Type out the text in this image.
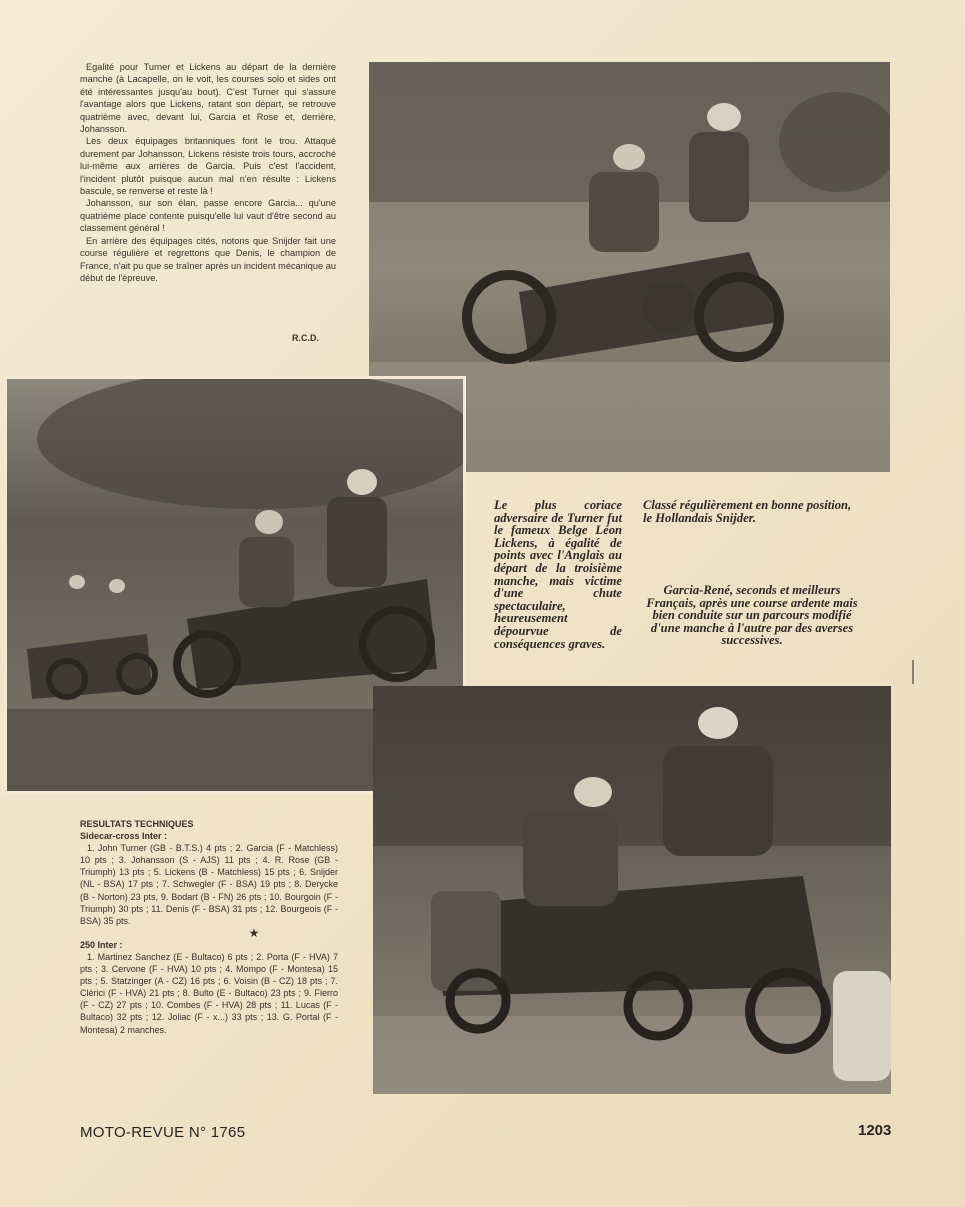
Egalité pour Turner et Lickens au départ de la dernière manche (à Lacapelle, on le voit, les courses solo et sides ont été intéressantes jusqu'au bout). C'est Turner qui s'assure l'avantage alors que Lickens, ratant son départ, se retrouve quatrième avec, devant lui, Garcia et Rose et, derrière, Johansson.

Les deux équipages britanniques font le trou. Attaqué durement par Johansson, Lickens résiste trois tours, accroché lui-même aux arrières de Garcia. Puis c'est l'accident, l'incident plutôt puisque aucun mal n'en résulte : Lickens bascule, se renverse et reste là !

Johansson, sur son élan, passe encore Garcia... qu'une quatrième place contente puisqu'elle lui vaut d'être second au classement général !

En arrière des équipages cités, notons que Snijder fait une course régulière et regrettons que Denis, le champion de France, n'ait pu que se traîner après un incident mécanique au début de l'épreuve.

R.C.D.
Le plus coriace adversaire de Turner fut le fameux Belge Léon Lickens, à égalité de points avec l'Anglais au départ de la troisième manche, mais victime d'une chute spectaculaire, heureusement dépourvue de conséquences graves.
Classé régulièrement en bonne position, le Hollandais Snijder.
Garcia-René, seconds et meilleurs Français, après une course ardente mais bien conduite sur un parcours modifié d'une manche à l'autre par des averses successives.
RESULTATS TECHNIQUES
Sidecar-cross Inter :

1. John Turner (GB - B.T.S.) 4 pts ; 2. Garcia (F - Matchless) 10 pts ; 3. Johansson (S - AJS) 11 pts ; 4. R. Rose (GB - Triumph) 13 pts ; 5. Lickens (B - Matchless) 15 pts ; 6. Snijder (NL - BSA) 17 pts ; 7. Schwegler (F - BSA) 19 pts ; 8. Derycke (B - Norton) 23 pts, 9. Bodart (B - FN) 26 pts ; 10. Bourgoin (F - Triumph) 30 pts ; 11. Denis (F - BSA) 31 pts ; 12. Bourgeois (F - BSA) 35 pts.

★
250 Inter :

1. Martinez Sanchez (E - Bultaco) 6 pts ; 2. Porta (F - HVA) 7 pts ; 3. Cervone (F - HVA) 10 pts ; 4. Mompo (F - Montesa) 15 pts ; 5. Statzinger (A - CZ) 16 pts ; 6. Voisin (B - CZ) 18 pts ; 7. Clérici (F - HVA) 21 pts ; 8. Bulto (E - Bultaco) 23 pts ; 9. Fierro (F - CZ) 27 pts ; 10. Combes (F - HVA) 28 pts ; 11. Lucas (F - Bultaco) 32 pts ; 12. Joliac (F - x...) 33 pts ; 13. G. Portal (F - Montesa) 2 manches.

MOTO-REVUE N° 1765	1203
